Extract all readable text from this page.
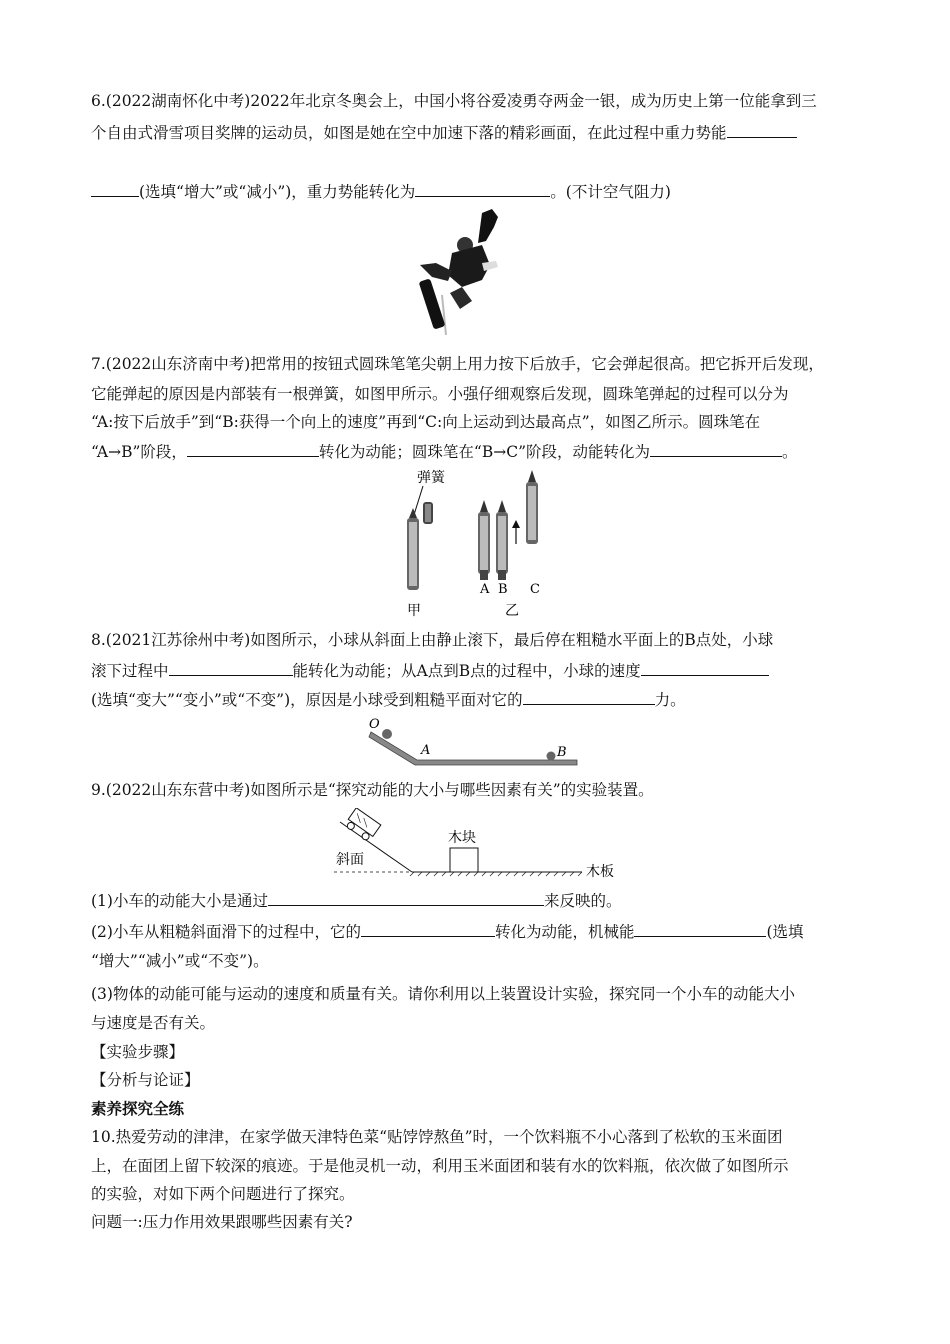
6.(2022湖南怀化中考)2022年北京冬奥会上，中国小将谷爱凌勇夺两金一银，成为历史上第一位能拿到三
个自由式滑雪项目奖牌的运动员，如图是她在空中加速下落的精彩画面，在此过程中重力势能
(选填“增大”或“减小”)，重力势能转化为	。(不计空气阻力)
7.(2022山东济南中考)把常用的按钮式圆珠笔笔尖朝上用力按下后放手，它会弹起很高。把它拆开后发现，
它能弹起的原因是内部装有一根弹簧，如图甲所示。小强仔细观察后发现，圆珠笔弹起的过程可以分为
“A:按下后放手”到“B:获得一个向上的速度”再到“C:向上运动到达最高点”，如图乙所示。圆珠笔在
“A→B”阶段，	转化为动能；圆珠笔在“B→C”阶段，动能转化为	。
弹簧
A B C
甲	乙
8.(2021江苏徐州中考)如图所示，小球从斜面上由静止滚下，最后停在粗糙水平面上的B点处，小球
滚下过程中	能转化为动能；从A点到B点的过程中，小球的速度
(选填“变大”“变小”或“不变”)，原因是小球受到粗糙平面对它的	力。
O
A	B
9.(2022山东东营中考)如图所示是“探究动能的大小与哪些因素有关”的实验装置。
木块
斜面
木板
(1)小车的动能大小是通过	来反映的。
(2)小车从粗糙斜面滑下的过程中，它的	转化为动能，机械能	(选填
“增大”“减小”或“不变”)。
(3)物体的动能可能与运动的速度和质量有关。请你利用以上装置设计实验，探究同一个小车的动能大小
与速度是否有关。
【实验步骤】
【分析与论证】
素养探究全练
10.热爱劳动的津津，在家学做天津特色菜“贴饽饽熬鱼”时，一个饮料瓶不小心落到了松软的玉米面团
上，在面团上留下较深的痕迹。于是他灵机一动，利用玉米面团和装有水的饮料瓶，依次做了如图所示
的实验，对如下两个问题进行了探究。
问题一:压力作用效果跟哪些因素有关?
